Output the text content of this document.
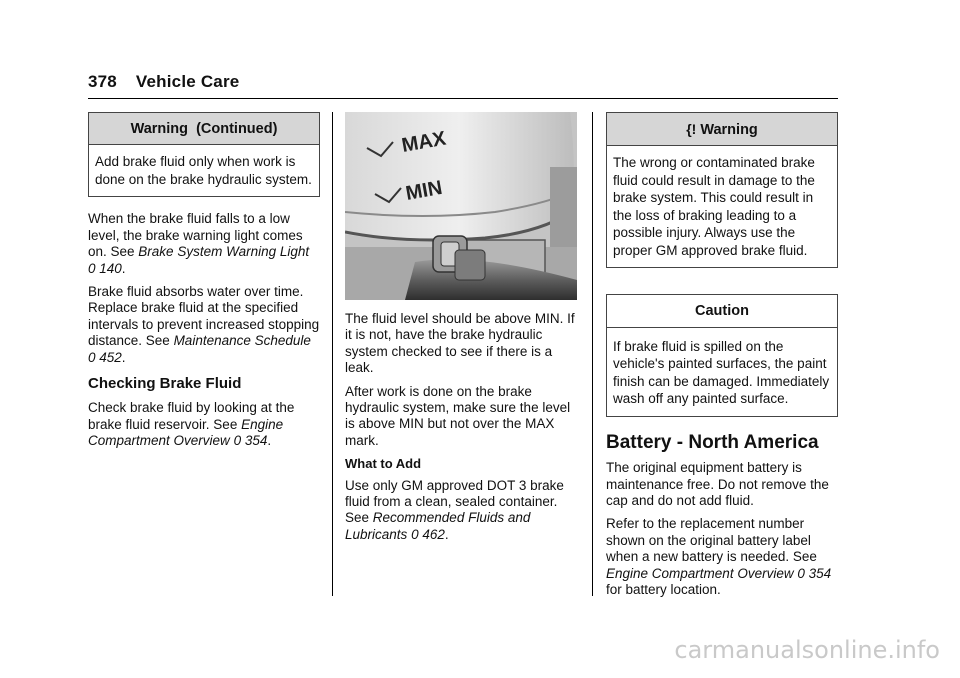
378 Vehicle Care
Warning  (Continued)
Add brake fluid only when work is done on the brake hydraulic system.

When the brake fluid falls to a low level, the brake warning light comes on. See Brake System Warning Light 0 140.

Brake fluid absorbs water over time. Replace brake fluid at the specified intervals to prevent increased stopping distance. See Maintenance Schedule 0 452.

Checking Brake Fluid

Check brake fluid by looking at the brake fluid reservoir. See Engine Compartment Overview 0 354.

MAX
MIN

The fluid level should be above MIN. If it is not, have the brake hydraulic system checked to see if there is a leak.

After work is done on the brake hydraulic system, make sure the level is above MIN but not over the MAX mark.

What to Add

Use only GM approved DOT 3 brake fluid from a clean, sealed container. See Recommended Fluids and Lubricants 0 462.

{! Warning
The wrong or contaminated brake fluid could result in damage to the brake system. This could result in the loss of braking leading to a possible injury. Always use the proper GM approved brake fluid.
Caution
If brake fluid is spilled on the vehicle's painted surfaces, the paint finish can be damaged. Immediately wash off any painted surface.
Battery - North America

The original equipment battery is maintenance free. Do not remove the cap and do not add fluid.

Refer to the replacement number shown on the original battery label when a new battery is needed. See Engine Compartment Overview 0 354 for battery location.

carmanualsonline.info
